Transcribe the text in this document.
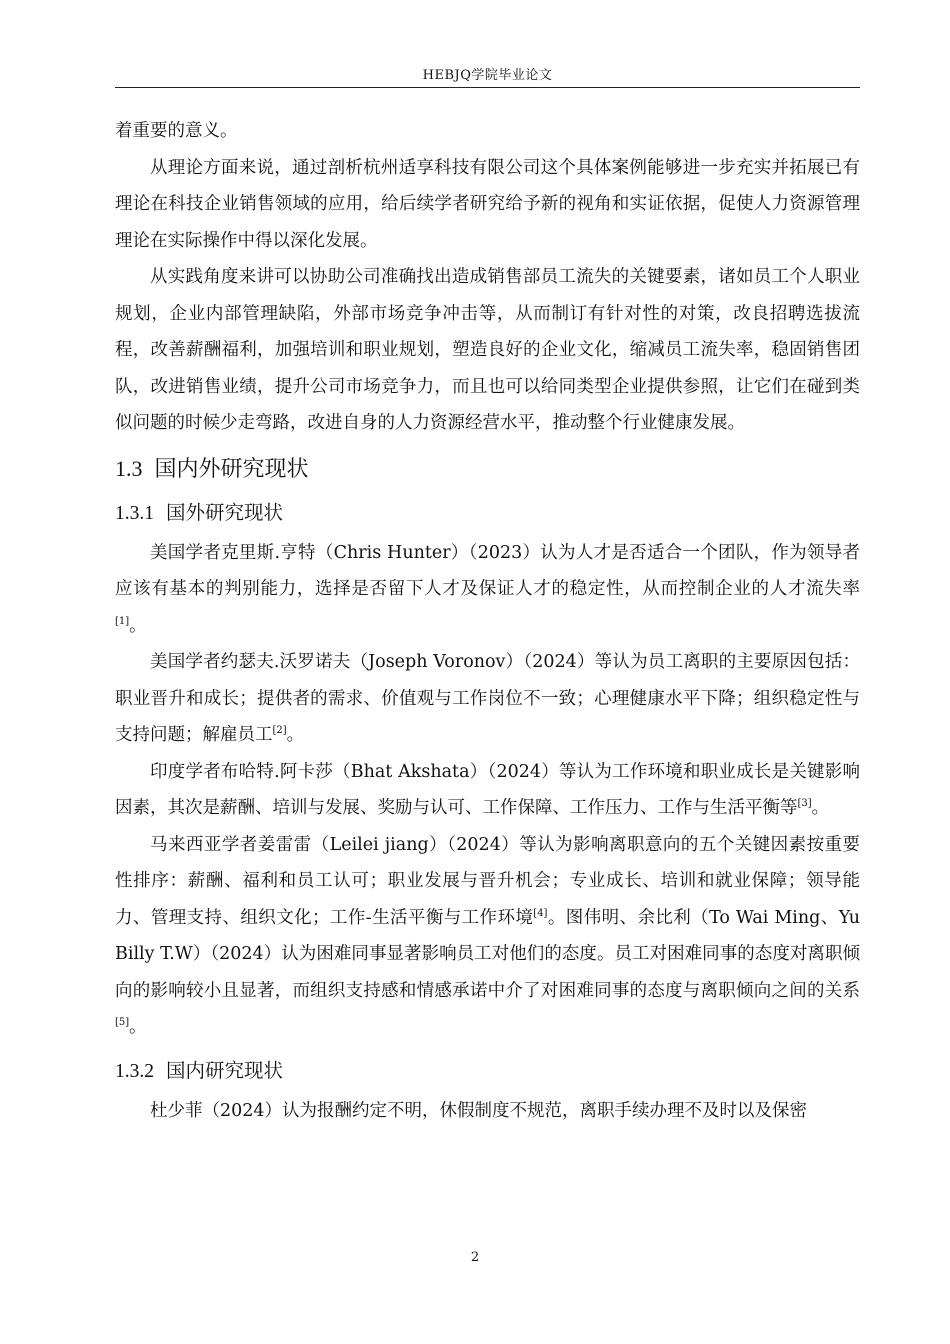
HEBJQ学院毕业论文

着重要的意义。

从理论方面来说，通过剖析杭州适享科技有限公司这个具体案例能够进一步充实并拓展已有理论在科技企业销售领域的应用，给后续学者研究给予新的视角和实证依据，促使人力资源管理理论在实际操作中得以深化发展。

从实践角度来讲可以协助公司准确找出造成销售部员工流失的关键要素，诸如员工个人职业规划，企业内部管理缺陷，外部市场竞争冲击等，从而制订有针对性的对策，改良招聘选拔流程，改善薪酬福利，加强培训和职业规划，塑造良好的企业文化，缩减员工流失率，稳固销售团队，改进销售业绩，提升公司市场竞争力，而且也可以给同类型企业提供参照，让它们在碰到类似问题的时候少走弯路，改进自身的人力资源经营水平，推动整个行业健康发展。

1.3 国内外研究现状
1.3.1 国外研究现状

美国学者克里斯.亨特（Chris Hunter）（2023）认为人才是否适合一个团队，作为领导者应该有基本的判别能力，选择是否留下人才及保证人才的稳定性，从而控制企业的人才流失率[1]。

美国学者约瑟夫.沃罗诺夫（Joseph Voronov）（2024）等认为员工离职的主要原因包括：职业晋升和成长；提供者的需求、价值观与工作岗位不一致；心理健康水平下降；组织稳定性与支持问题；解雇员工[2]。

印度学者布哈特.阿卡莎（Bhat Akshata）（2024）等认为工作环境和职业成长是关键影响因素，其次是薪酬、培训与发展、奖励与认可、工作保障、工作压力、工作与生活平衡等[3]。

马来西亚学者姜雷雷（Leilei jiang）（2024）等认为影响离职意向的五个关键因素按重要性排序：薪酬、福利和员工认可；职业发展与晋升机会；专业成长、培训和就业保障；领导能力、管理支持、组织文化；工作-生活平衡与工作环境[4]。图伟明、余比利（To Wai Ming、Yu Billy T.W）（2024）认为困难同事显著影响员工对他们的态度。员工对困难同事的态度对离职倾向的影响较小且显著，而组织支持感和情感承诺中介了对困难同事的态度与离职倾向之间的关系[5]。

1.3.2 国内研究现状

杜少菲（2024）认为报酬约定不明，休假制度不规范，离职手续办理不及时以及保密

2
